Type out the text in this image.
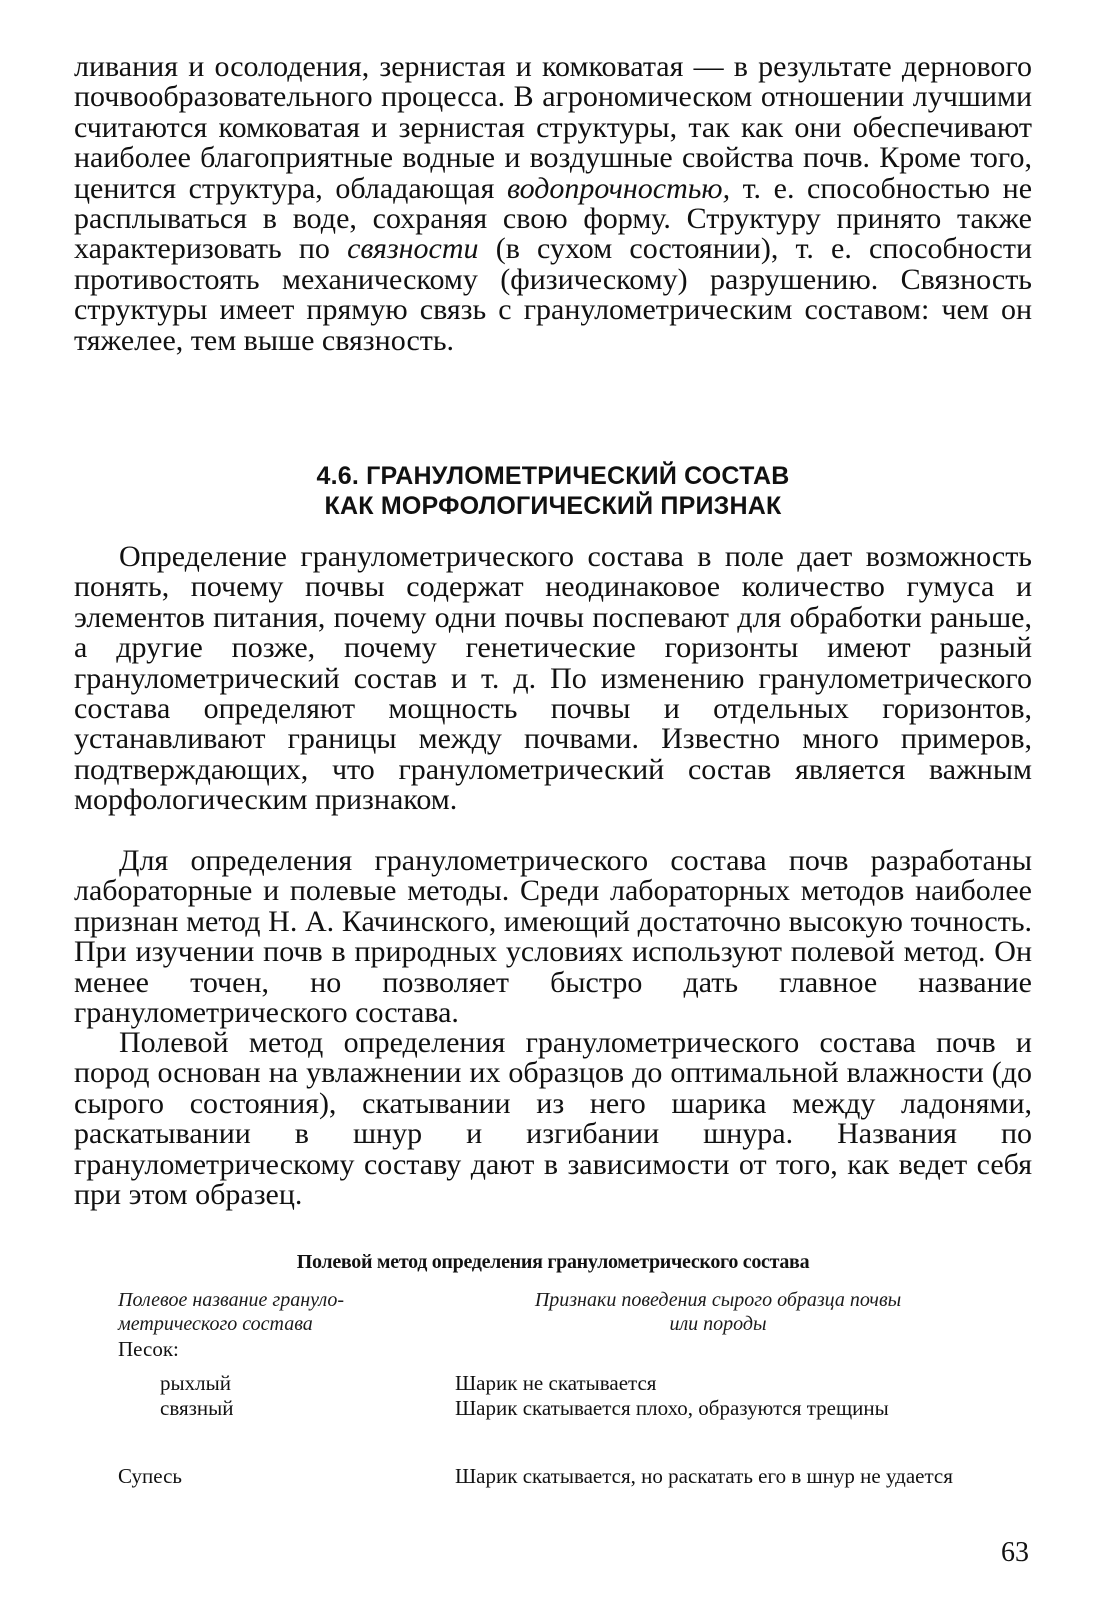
ливания и осолодения, зернистая и комковатая — в результате дернового почвообразовательного процесса. В агрономическом отношении лучшими считаются комковатая и зернистая структуры, так как они обеспечивают наиболее благоприятные водные и воздушные свойства почв. Кроме того, ценится структура, обладающая водопрочностью, т. е. способностью не расплываться в воде, сохраняя свою форму. Структуру принято также характеризовать по связности (в сухом состоянии), т. е. способности противостоять механическому (физическому) разрушению. Связность структуры имеет прямую связь с гранулометрическим составом: чем он тяжелее, тем выше связность.

4.6. ГРАНУЛОМЕТРИЧЕСКИЙ СОСТАВ
КАК МОРФОЛОГИЧЕСКИЙ ПРИЗНАК

Определение гранулометрического состава в поле дает возможность понять, почему почвы содержат неодинаковое количество гумуса и элементов питания, почему одни почвы поспевают для обработки раньше, а другие позже, почему генетические горизонты имеют разный гранулометрический состав и т. д. По изменению гранулометрического состава определяют мощность почвы и отдельных горизонтов, устанавливают границы между почвами. Известно много примеров, подтверждающих, что гранулометрический состав является важным морфологическим признаком.

Для определения гранулометрического состава почв разработаны лабораторные и полевые методы. Среди лабораторных методов наиболее признан метод Н. А. Качинского, имеющий достаточно высокую точность. При изучении почв в природных условиях используют полевой метод. Он менее точен, но позволяет быстро дать главное название гранулометрического состава.

Полевой метод определения гранулометрического состава почв и пород основан на увлажнении их образцов до оптимальной влажности (до сырого состояния), скатывании из него шарика между ладонями, раскатывании в шнур и изгибании шнура. Названия по гранулометрическому составу дают в зависимости от того, как ведет себя при этом образец.

Полевой метод определения гранулометрического состава

Полевое название грануло-
метрического состава

Признаки поведения сырого образца почвы
или породы

Песок:

рыхлый	Шарик не скатывается

связный	Шарик скатывается плохо, образуются трещины

Супесь	Шарик скатывается, но раскатать его в шнур не удается

63
